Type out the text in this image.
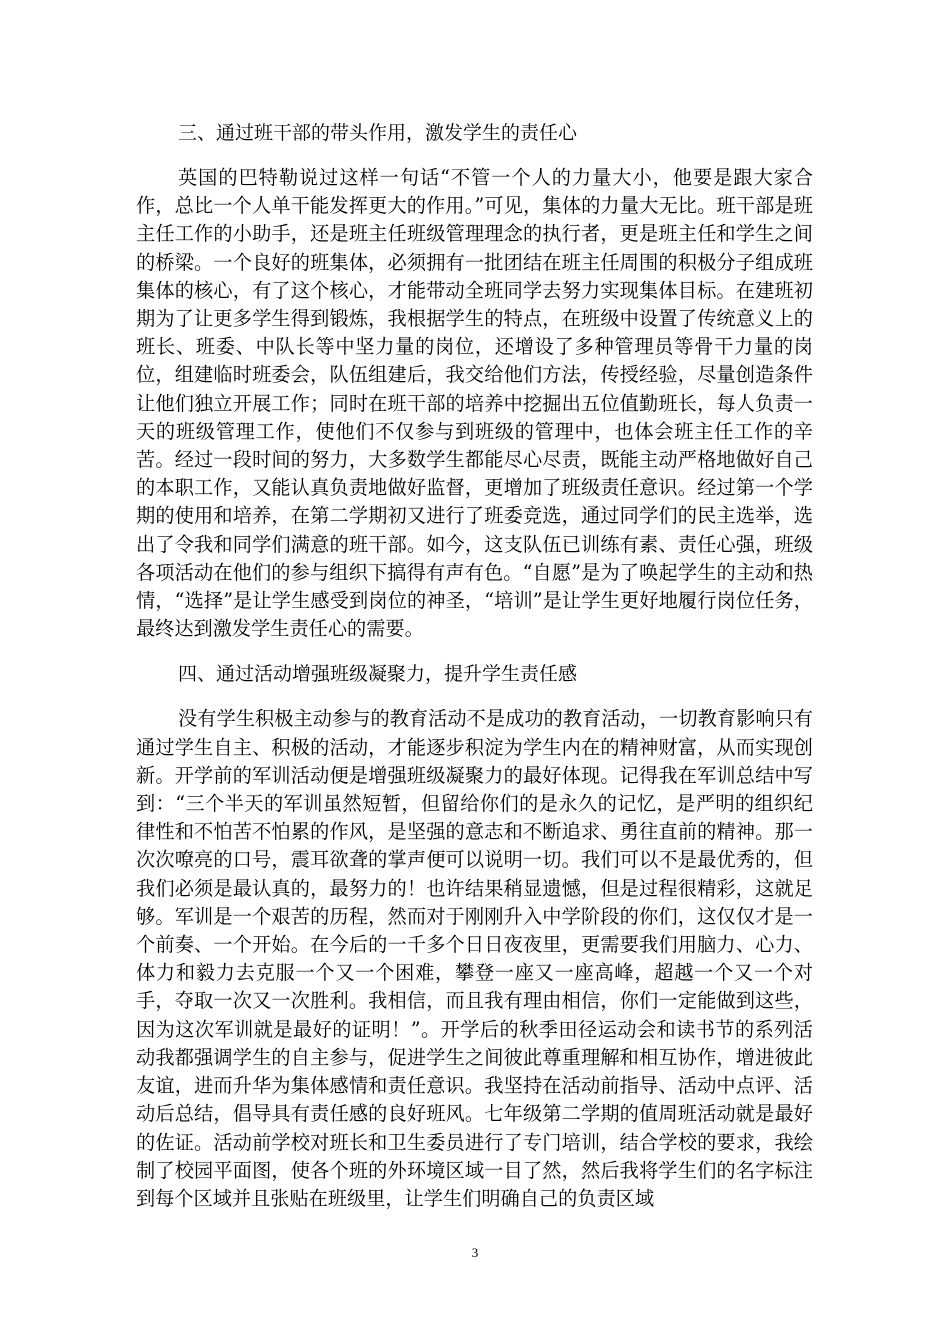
三、通过班干部的带头作用，激发学生的责任心

英国的巴特勒说过这样一句话“不管一个人的力量大小，他要是跟大家合作，总比一个人单干能发挥更大的作用。”可见，集体的力量大无比。班干部是班主任工作的小助手，还是班主任班级管理理念的执行者，更是班主任和学生之间的桥梁。一个良好的班集体，必须拥有一批团结在班主任周围的积极分子组成班集体的核心，有了这个核心，才能带动全班同学去努力实现集体目标。在建班初期为了让更多学生得到锻炼，我根据学生的特点，在班级中设置了传统意义上的班长、班委、中队长等中坚力量的岗位，还增设了多种管理员等骨干力量的岗位，组建临时班委会，队伍组建后，我交给他们方法，传授经验，尽量创造条件让他们独立开展工作；同时在班干部的培养中挖掘出五位值勤班长，每人负责一天的班级管理工作，使他们不仅参与到班级的管理中，也体会班主任工作的辛苦。经过一段时间的努力，大多数学生都能尽心尽责，既能主动严格地做好自己的本职工作，又能认真负责地做好监督，更增加了班级责任意识。经过第一个学期的使用和培养，在第二学期初又进行了班委竞选，通过同学们的民主选举，选出了令我和同学们满意的班干部。如今，这支队伍已训练有素、责任心强，班级各项活动在他们的参与组织下搞得有声有色。“自愿”是为了唤起学生的主动和热情，“选择”是让学生感受到岗位的神圣，“培训”是让学生更好地履行岗位任务，最终达到激发学生责任心的需要。

四、通过活动增强班级凝聚力，提升学生责任感

没有学生积极主动参与的教育活动不是成功的教育活动，一切教育影响只有通过学生自主、积极的活动，才能逐步积淀为学生内在的精神财富，从而实现创新。开学前的军训活动便是增强班级凝聚力的最好体现。记得我在军训总结中写到：“三个半天的军训虽然短暂，但留给你们的是永久的记忆，是严明的组织纪律性和不怕苦不怕累的作风，是坚强的意志和不断追求、勇往直前的精神。那一次次嘹亮的口号，震耳欲聋的掌声便可以说明一切。我们可以不是最优秀的，但我们必须是最认真的，最努力的！也许结果稍显遗憾，但是过程很精彩，这就足够。军训是一个艰苦的历程，然而对于刚刚升入中学阶段的你们，这仅仅才是一个前奏、一个开始。在今后的一千多个日日夜夜里，更需要我们用脑力、心力、体力和毅力去克服一个又一个困难，攀登一座又一座高峰，超越一个又一个对手，夺取一次又一次胜利。我相信，而且我有理由相信，你们一定能做到这些，因为这次军训就是最好的证明！”。开学后的秋季田径运动会和读书节的系列活动我都强调学生的自主参与，促进学生之间彼此尊重理解和相互协作，增进彼此友谊，进而升华为集体感情和责任意识。我坚持在活动前指导、活动中点评、活动后总结，倡导具有责任感的良好班风。七年级第二学期的值周班活动就是最好的佐证。活动前学校对班长和卫生委员进行了专门培训，结合学校的要求，我绘制了校园平面图，使各个班的外环境区域一目了然，然后我将学生们的名字标注到每个区域并且张贴在班级里，让学生们明确自己的负责区域

3
